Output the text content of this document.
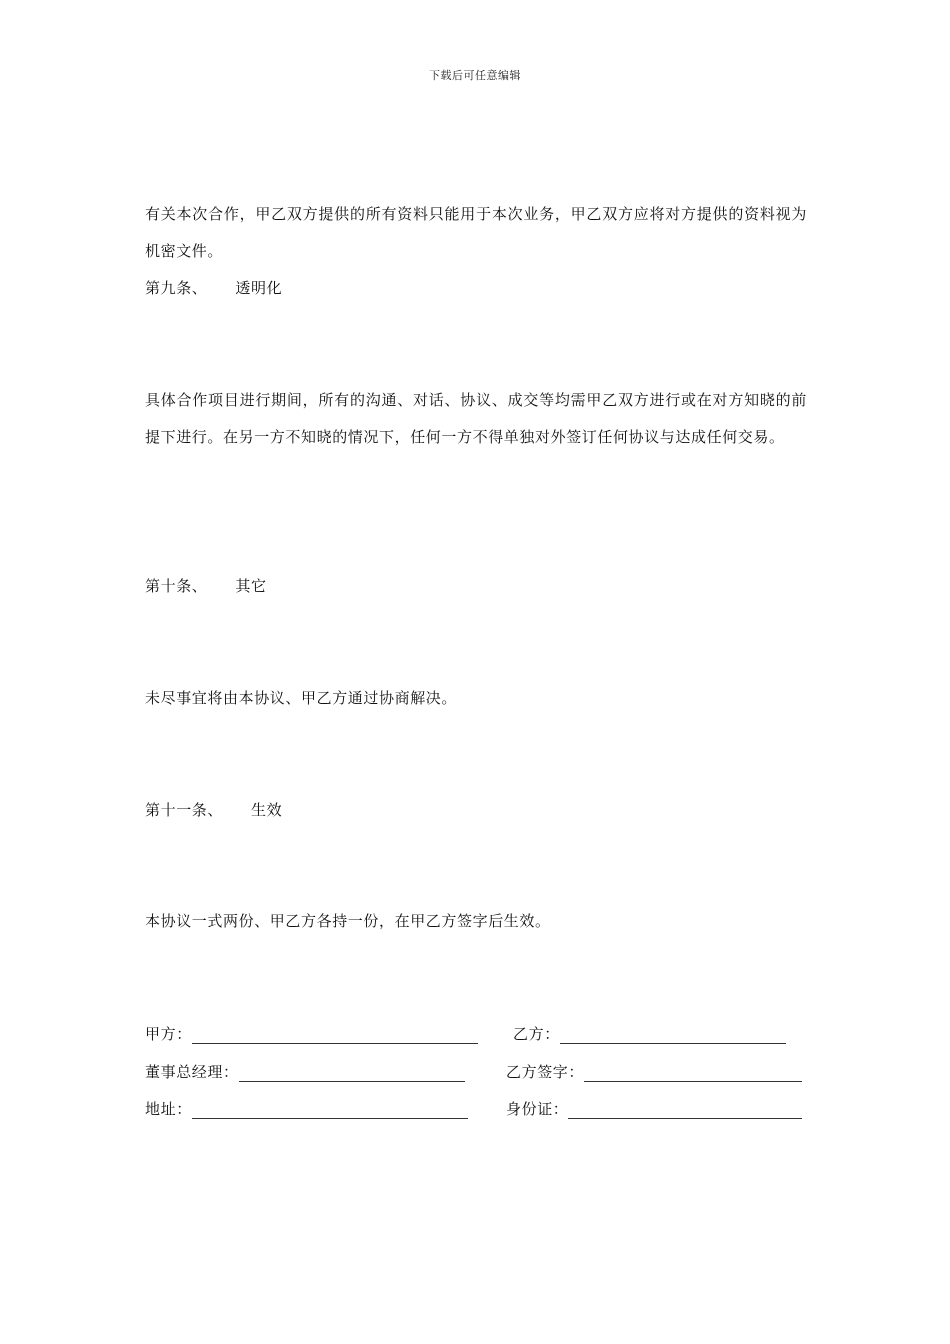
下载后可任意编辑

有关本次合作，甲乙双方提供的所有资料只能用于本次业务，甲乙双方应将对方提供的资料视为机密文件。

第九条、 透明化

具体合作项目进行期间，所有的沟通、对话、协议、成交等均需甲乙双方进行或在对方知晓的前提下进行。在另一方不知晓的情况下，任何一方不得单独对外签订任何协议与达成任何交易。

第十条、 其它

未尽事宜将由本协议、甲乙方通过协商解决。

第十一条、 生效

本协议一式两份、甲乙方各持一份，在甲乙方签字后生效。

甲方：	乙方：
董事总经理：	乙方签字：
地址：	身份证：
